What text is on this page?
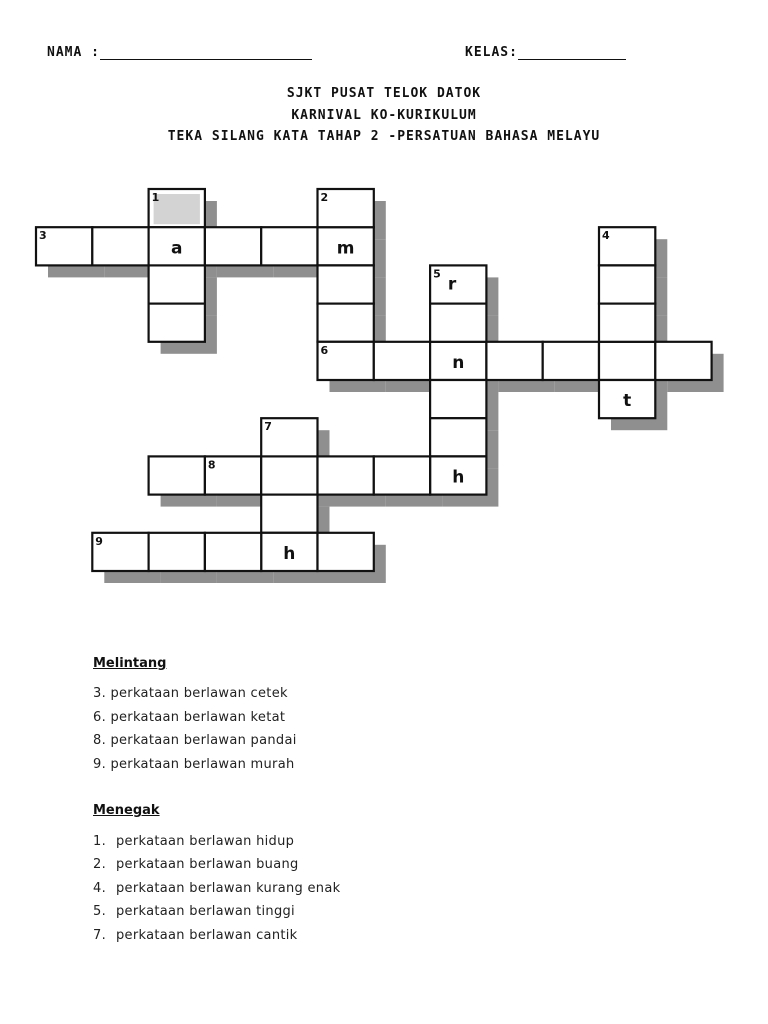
NAMA :	KELAS:
SJKT PUSAT TELOK DATOK
KARNIVAL KO-KURIKULUM
TEKA SILANG KATA TAHAP 2 -PERSATUAN BAHASA MELAYU
1	2
3	4
5
6
7
8
9
a	m
r
n
t
h
h
Melintang
3. perkataan berlawan cetek
6. perkataan berlawan ketat
8. perkataan berlawan pandai
9. perkataan berlawan murah
Menegak
1. perkataan berlawan hidup
2. perkataan berlawan buang
4. perkataan berlawan kurang enak
5. perkataan berlawan tinggi
7. perkataan berlawan cantik
